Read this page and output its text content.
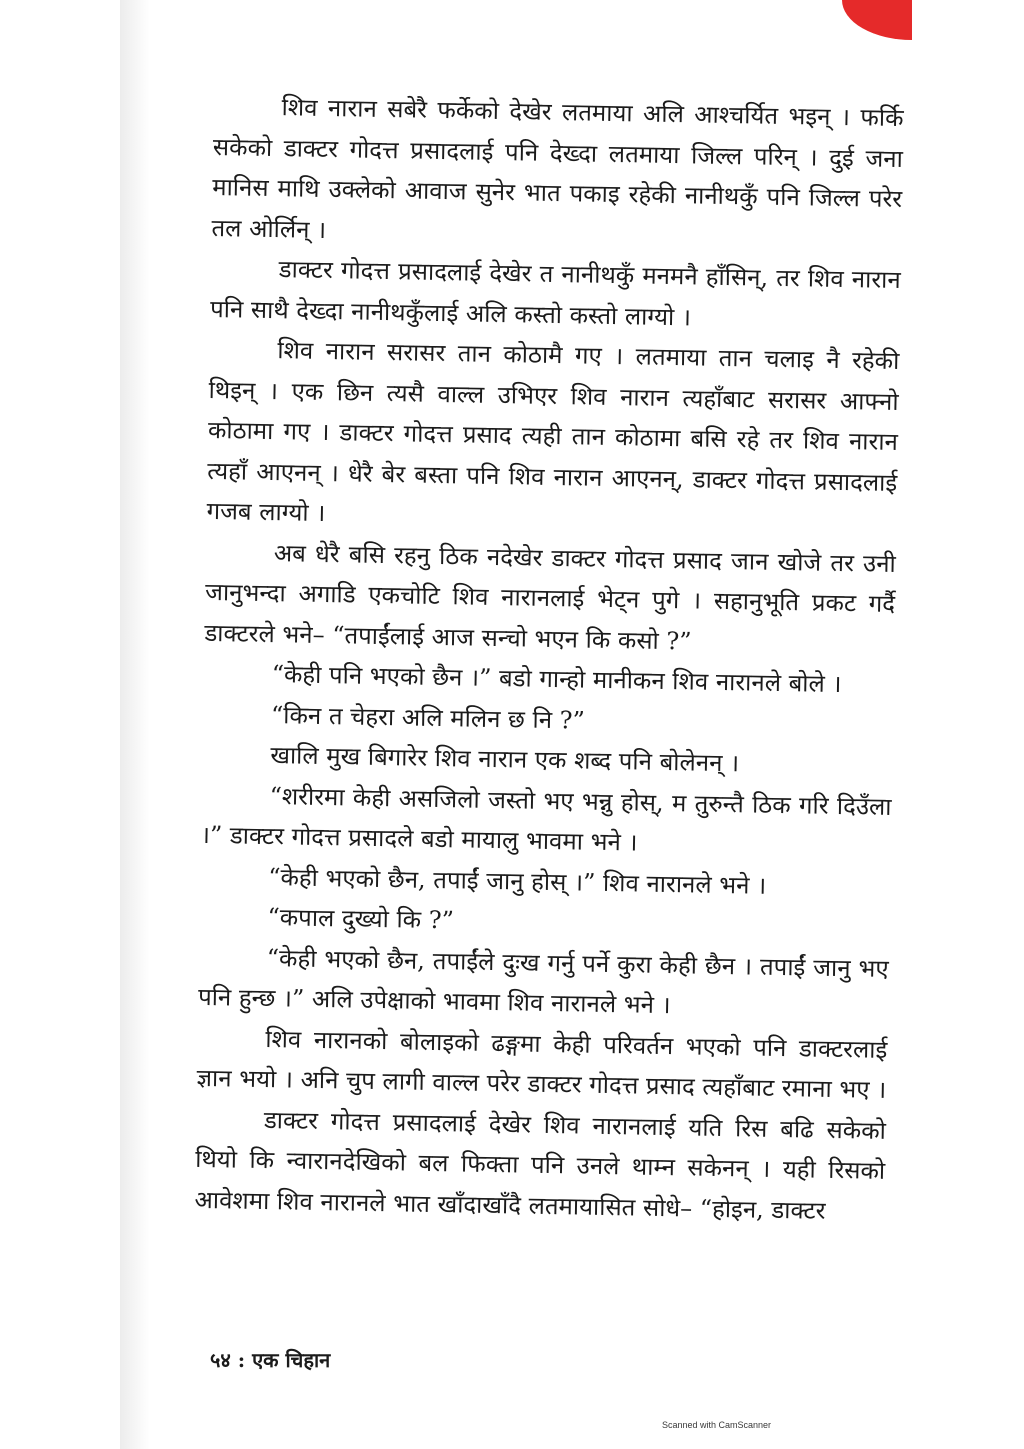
शिव नारान सबेरै फर्केको देखेर लतमाया अलि आश्चर्यित भइन् । फर्कि सकेको डाक्टर गोदत्त प्रसादलाई पनि देख्दा लतमाया जिल्ल परिन् । दुई जना मानिस माथि उक्लेको आवाज सुनेर भात पकाइ रहेकी नानीथकुँ पनि जिल्ल परेर तल ओर्लिन् ।

डाक्टर गोदत्त प्रसादलाई देखेर त नानीथकुँ मनमनै हाँसिन्, तर शिव नारान पनि साथै देख्दा नानीथकुँलाई अलि कस्तो कस्तो लाग्यो ।

शिव नारान सरासर तान कोठामै गए । लतमाया तान चलाइ नै रहेकी थिइन् । एक छिन त्यसै वाल्ल उभिएर शिव नारान त्यहाँबाट सरासर आफ्नो कोठामा गए । डाक्टर गोदत्त प्रसाद त्यही तान कोठामा बसि रहे तर शिव नारान त्यहाँ आएनन् । धेरै बेर बस्ता पनि शिव नारान आएनन्, डाक्टर गोदत्त प्रसादलाई गजब लाग्यो ।

अब धेरै बसि रहनु ठिक नदेखेर डाक्टर गोदत्त प्रसाद जान खोजे तर उनी जानुभन्दा अगाडि एकचोटि शिव नारानलाई भेट्न पुगे । सहानुभूति प्रकट गर्दै डाक्टरले भने– “तपाईंलाई आज सन्चो भएन कि कसो ?”

“केही पनि भएको छैन ।” बडो गान्हो मानीकन शिव नारानले बोले ।

“किन त चेहरा अलि मलिन छ नि ?”

खालि मुख बिगारेर शिव नारान एक शब्द पनि बोलेनन् ।

“शरीरमा केही असजिलो जस्तो भए भन्नु होस्, म तुरुन्तै ठिक गरि दिउँला ।” डाक्टर गोदत्त प्रसादले बडो मायालु भावमा भने ।

“केही भएको छैन, तपाईं जानु होस् ।” शिव नारानले भने ।

“कपाल दुख्यो कि ?”

“केही भएको छैन, तपाईंले दुःख गर्नु पर्ने कुरा केही छैन । तपाईं जानु भए पनि हुन्छ ।” अलि उपेक्षाको भावमा शिव नारानले भने ।

शिव नारानको बोलाइको ढङ्गमा केही परिवर्तन भएको पनि डाक्टरलाई ज्ञान भयो । अनि चुप लागी वाल्ल परेर डाक्टर गोदत्त प्रसाद त्यहाँबाट रमाना भए ।

डाक्टर गोदत्त प्रसादलाई देखेर शिव नारानलाई यति रिस बढि सकेको थियो कि न्वारानदेखिको बल फिक्ता पनि उनले थाम्न सकेनन् । यही रिसको आवेशमा शिव नारानले भात खाँदाखाँदै लतमायासित सोधे– “होइन, डाक्टर

५४ : एक चिहान
Scanned with CamScanner
